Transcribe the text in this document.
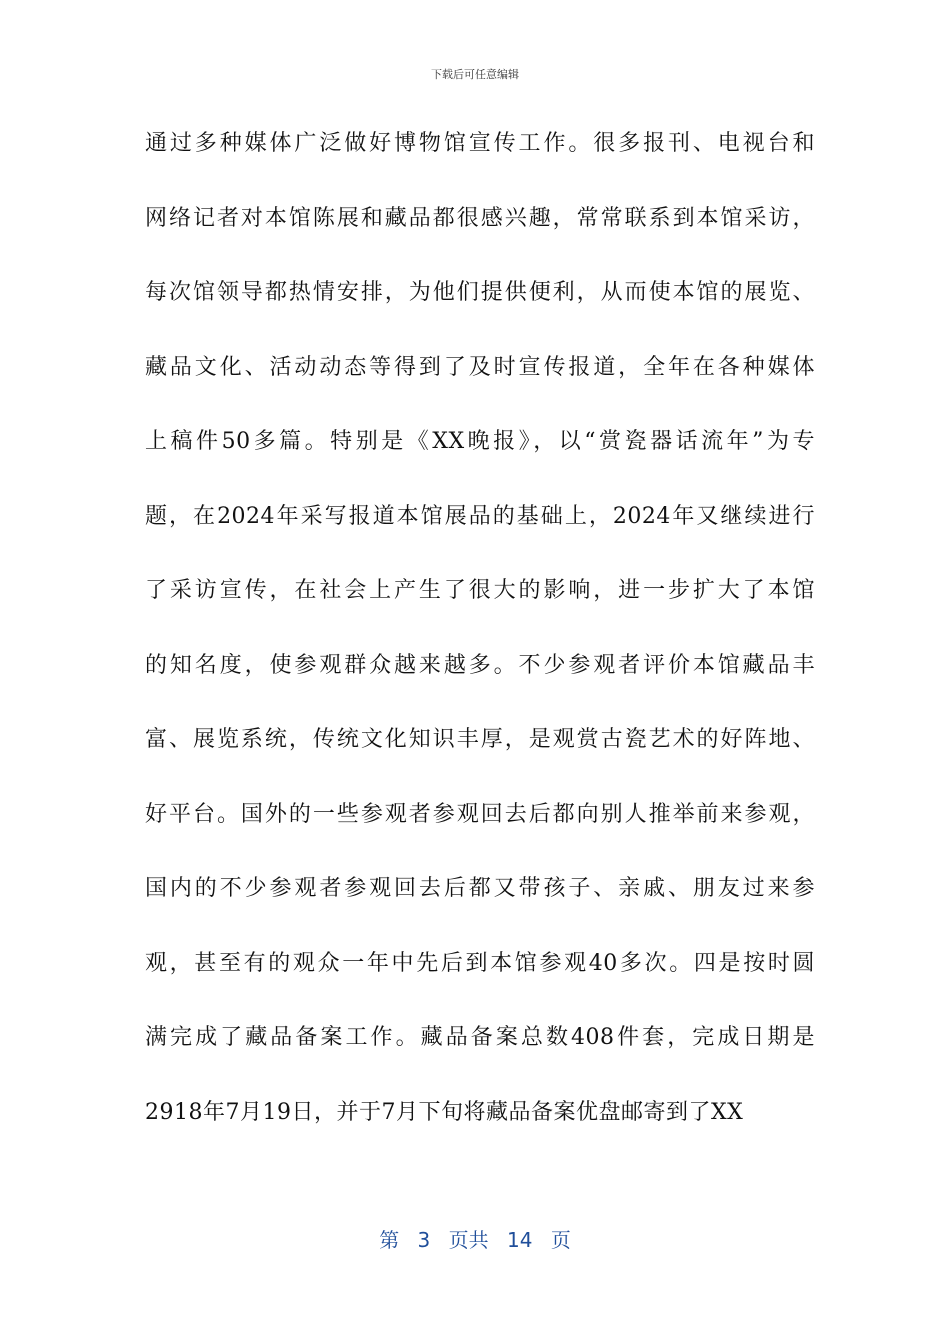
下载后可任意编辑
通过多种媒体广泛做好博物馆宣传工作。很多报刊、电视台和
网络记者对本馆陈展和藏品都很感兴趣，常常联系到本馆采访，
每次馆领导都热情安排，为他们提供便利，从而使本馆的展览、
藏品文化、活动动态等得到了及时宣传报道，全年在各种媒体
上稿件50多篇。特别是《XX晚报》，以“赏瓷器话流年”为专
题，在2024年采写报道本馆展品的基础上，2024年又继续进行
了采访宣传，在社会上产生了很大的影响，进一步扩大了本馆
的知名度，使参观群众越来越多。不少参观者评价本馆藏品丰
富、展览系统，传统文化知识丰厚，是观赏古瓷艺术的好阵地、
好平台。国外的一些参观者参观回去后都向别人推举前来参观，
国内的不少参观者参观回去后都又带孩子、亲戚、朋友过来参
观，甚至有的观众一年中先后到本馆参观40多次。四是按时圆
满完成了藏品备案工作。藏品备案总数408件套，完成日期是
2918年7月19日，并于7月下旬将藏品备案优盘邮寄到了XX
第 3 页共 14 页
